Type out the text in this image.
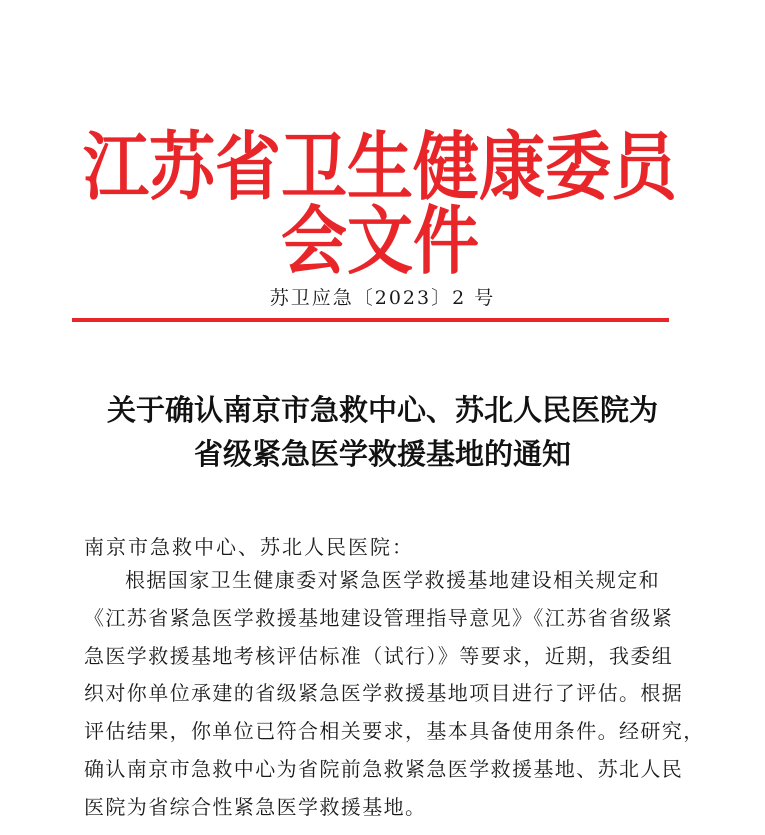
江苏省卫生健康委员会文件
苏卫应急〔2023〕2 号
关于确认南京市急救中心、苏北人民医院为
省级紧急医学救援基地的通知
南京市急救中心、苏北人民医院：
根据国家卫生健康委对紧急医学救援基地建设相关规定和
《江苏省紧急医学救援基地建设管理指导意见》《江苏省省级紧
急医学救援基地考核评估标准（试行）》等要求，近期，我委组
织对你单位承建的省级紧急医学救援基地项目进行了评估。根据
评估结果，你单位已符合相关要求，基本具备使用条件。经研究，
确认南京市急救中心为省院前急救紧急医学救援基地、苏北人民
医院为省综合性紧急医学救援基地。
